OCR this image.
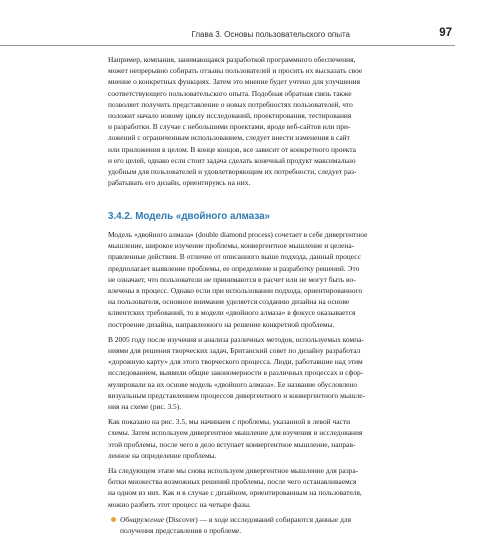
Глава 3. Основы пользовательского опыта	97
Например, компания, занимающаяся разработкой программного обеспечения,
может непрерывно собирать отзывы пользователей и просить их высказать свое
мнение о конкретных функциях. Затем это мнение будет учтено для улучшения
соответствующего пользовательского опыта. Подобная обратная связь также
позволяет получить представление о новых потребностях пользователей, что
положит начало новому циклу исследований, проектирования, тестирования
и разработки. В случае с небольшими проектами, вроде веб-сайтов или при-
ложений с ограниченным использованием, следует внести изменения в сайт
или приложения в целом. В конце концов, все зависит от конкретного проекта
и его целей, однако если стоит задача сделать конечный продукт максимально
удобным для пользователей и удовлетворяющим их потребности, следует раз-
рабатывать его дизайн, ориентируясь на них.
3.4.2. Модель «двойного алмаза»
Модель «двойного алмаза» (double diamond process) сочетает в себе дивергентное
мышление, широкое изучение проблемы, конвергентное мышление и целена-
правленные действия. В отличие от описанного выше подхода, данный процесс
предполагает выявление проблемы, ее определение и разработку решений. Это
не означает, что пользователи не принимаются в расчет или не могут быть во-
влечены в процесс. Однако если при использовании подхода, ориентированного
на пользователя, основное внимание уделяется созданию дизайна на основе
клиентских требований, то в модели «двойного алмаза» в фокусе оказывается
построение дизайна, направленного на решение конкретной проблемы.
В 2005 году после изучения и анализа различных методов, используемых компа-
ниями для решения творческих задач, Британский совет по дизайну разработал
«дорожную карту» для этого творческого процесса. Люди, работавшие над этим
исследованием, выявили общие закономерности в различных процессах и сфор-
мулировали на их основе модель «двойного алмаза». Ее название обусловлено
визуальным представлением процессов дивергентного и конвергентного мышле-
ния на схеме (рис. 3.5).
Как показано на рис. 3.5, мы начинаем с проблемы, указанной в левой части
схемы. Затем используем дивергентное мышление для изучения и исследования
этой проблемы, после чего в дело вступает конвергентное мышление, направ-
ленное на определение проблемы.
На следующем этапе мы снова используем дивергентное мышление для разра-
ботки множества возможных решений проблемы, после чего останавливаемся
на одном из них. Как и в случае с дизайном, ориентированным на пользователя,
можно разбить этот процесс на четыре фазы.
Обнаружение (Discover) — в ходе исследований собираются данные для
получения представления о проблеме.
